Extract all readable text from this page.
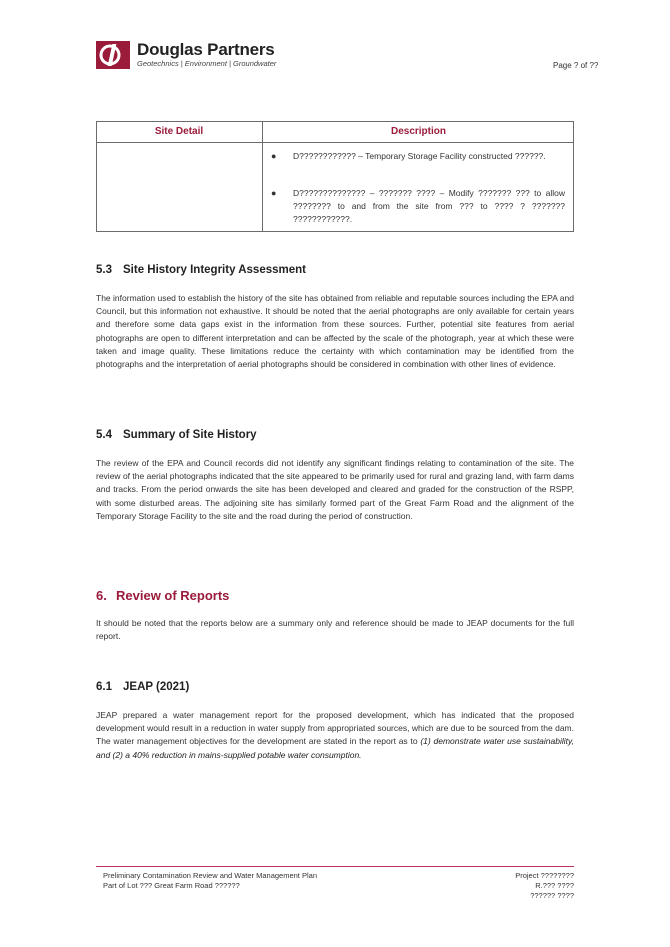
Douglas Partners
Geotechnics | Environment | Groundwater	Page ? of ??
Site Detail	Description
● D???????????? – Temporary Storage Facility constructed ??????.
● D?????????????? – ??????? ???? – Modify ??????? ??? to allow ???????? to and from the site from ??? to ???? ? ??????? ????????????.
5.3 Site History Integrity Assessment
The information used to establish the history of the site has obtained from reliable and reputable sources including the EPA and Council, but this information not exhaustive. It should be noted that the aerial photographs are only available for certain years and therefore some data gaps exist in the information from these sources. Further, potential site features from aerial photographs are open to different interpretation and can be affected by the scale of the photograph, year at which these were taken and image quality. These limitations reduce the certainty with which contamination may be identified from the photographs and the interpretation of aerial photographs should be considered in combination with other lines of evidence.
5.4 Summary of Site History
The review of the EPA and Council records did not identify any significant findings relating to contamination of the site. The review of the aerial photographs indicated that the site appeared to be primarily used for rural and grazing land, with farm dams and tracks. From the period onwards the site has been developed and cleared and graded for the construction of the RSPP, with some disturbed areas. The adjoining site has similarly formed part of the Great Farm Road and the alignment of the Temporary Storage Facility to the site and the road during the period of construction.
6. Review of Reports
It should be noted that the reports below are a summary only and reference should be made to JEAP documents for the full report.
6.1 JEAP (2021)
JEAP prepared a water management report for the proposed development, which has indicated that the proposed development would result in a reduction in water supply from appropriated sources, which are due to be sourced from the dam. The water management objectives for the development are stated in the report as to (1) demonstrate water use sustainability, and (2) a 40% reduction in mains-supplied potable water consumption.
Preliminary Contamination Review and Water Management Plan
Part of Lot ??? Great Farm Road ??????
Project ???????? R.??? ????
?????? ????
